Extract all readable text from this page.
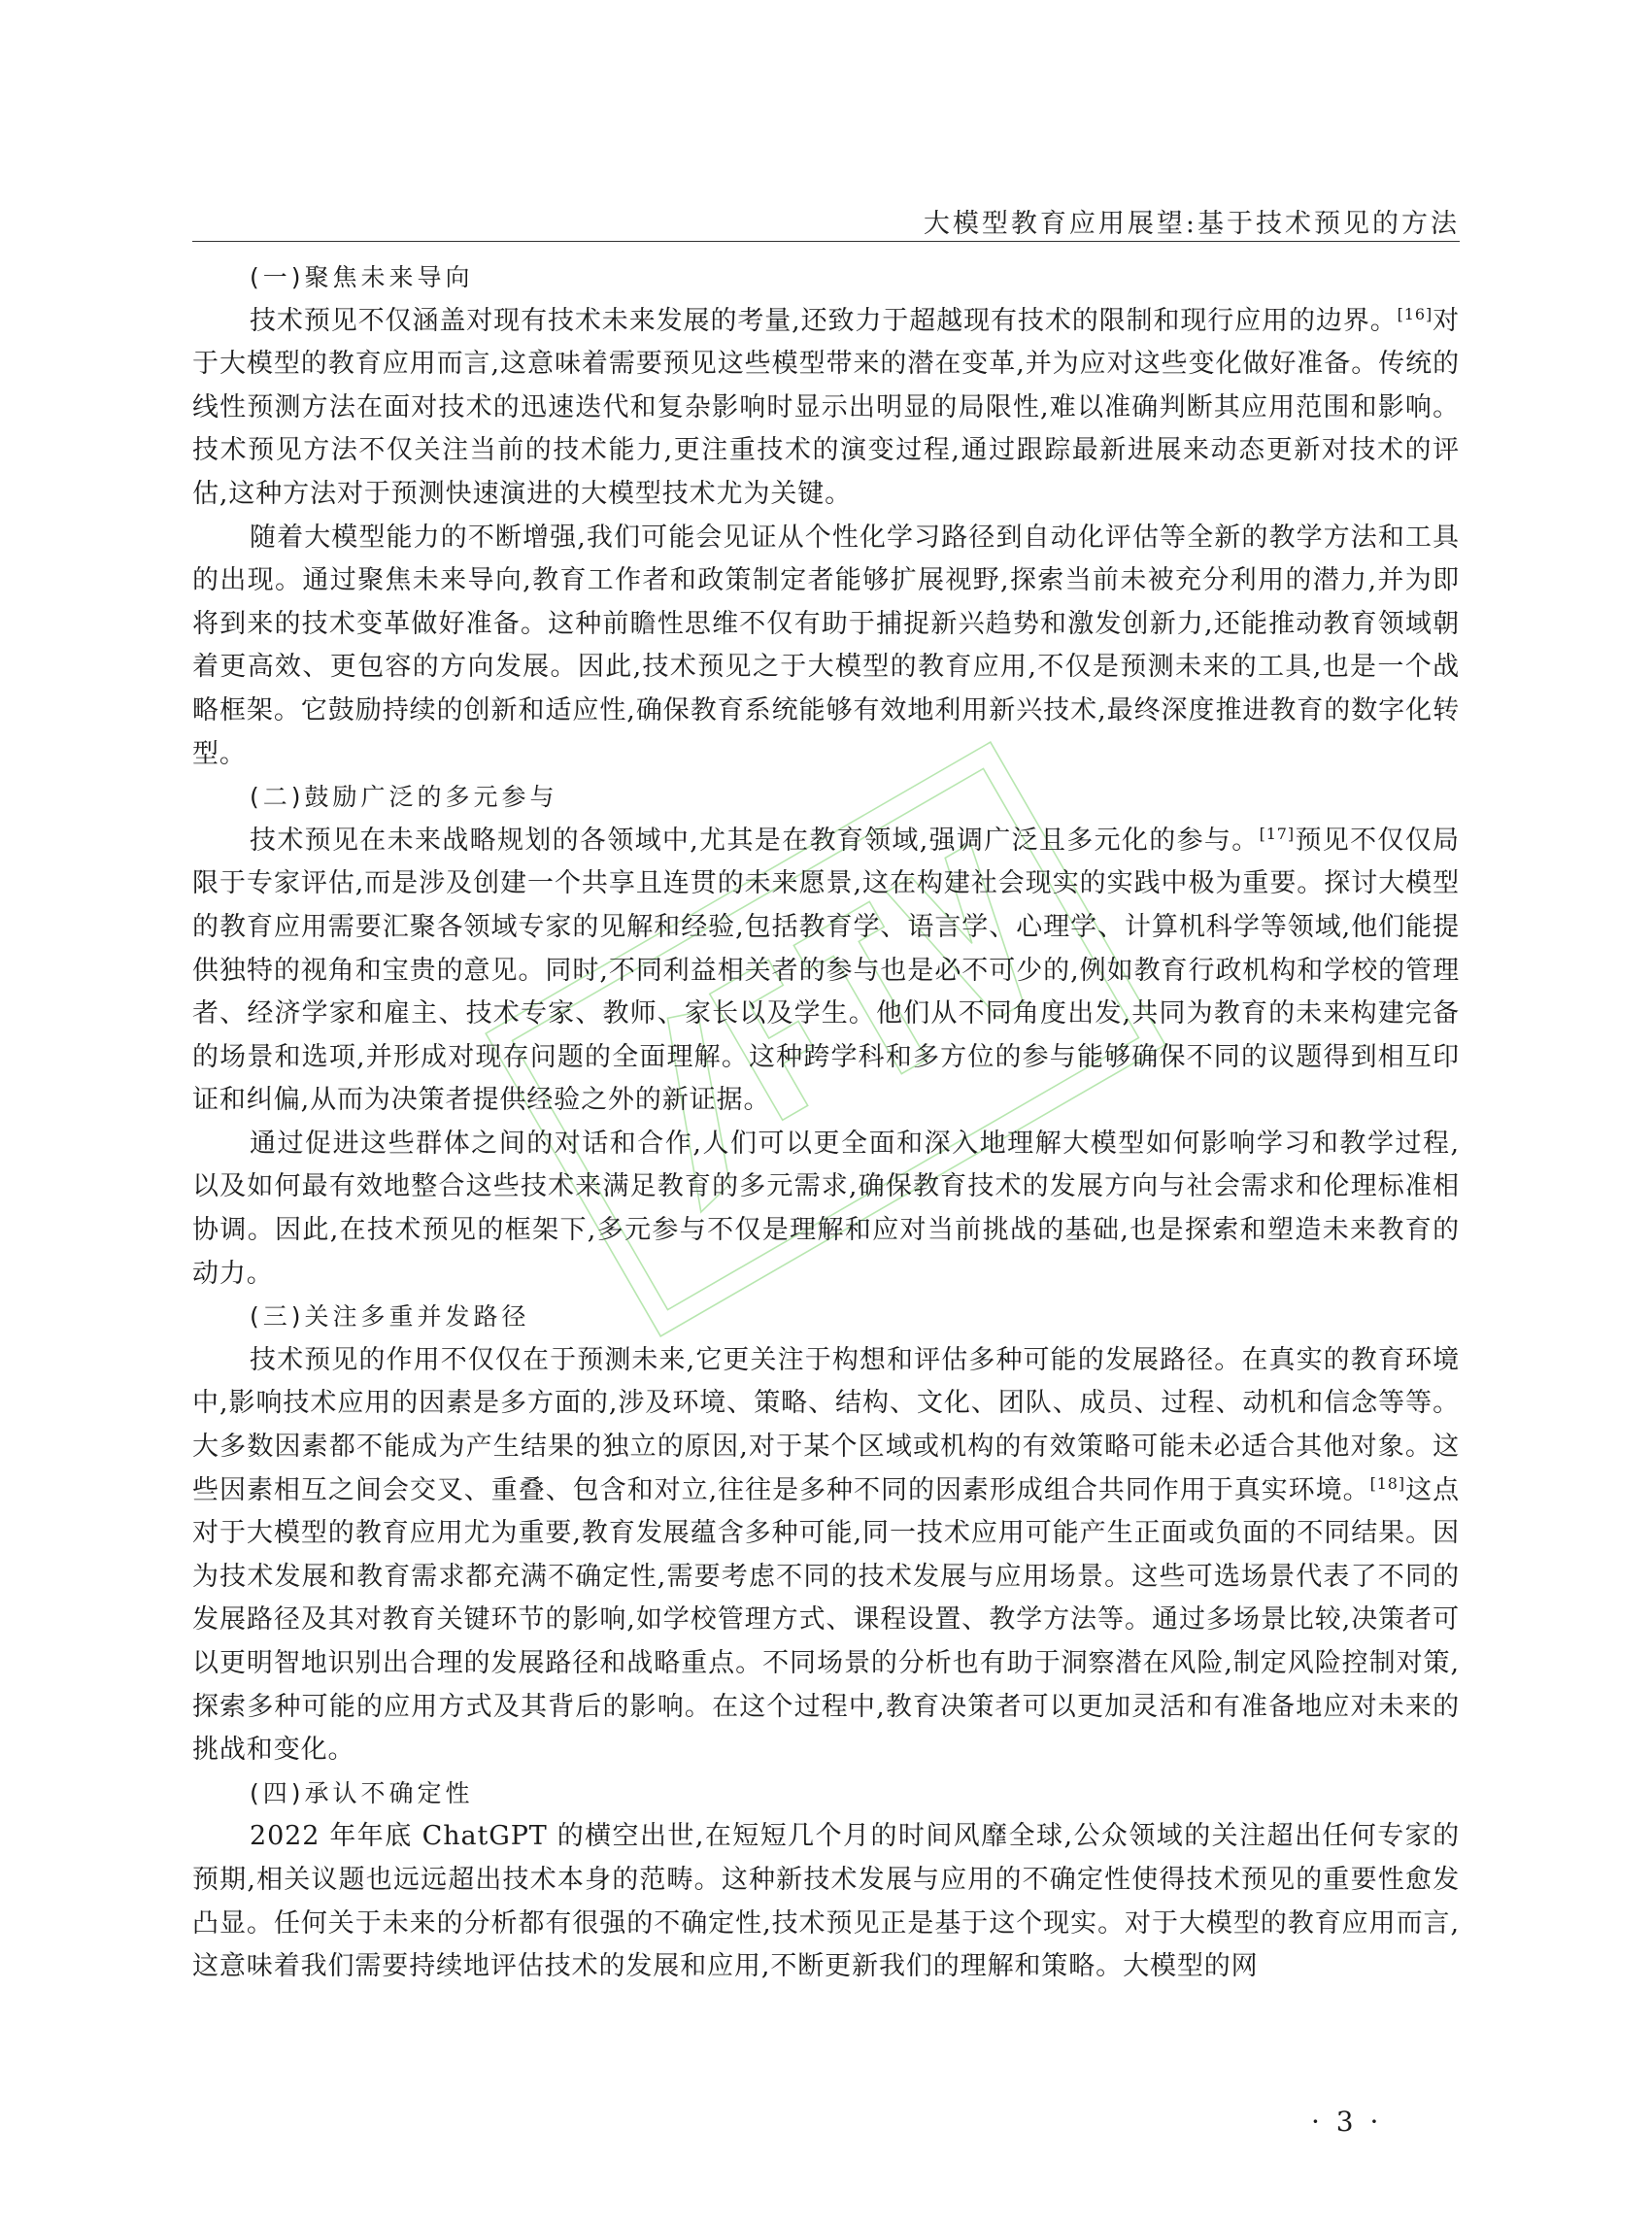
大模型教育应用展望:基于技术预见的方法
(一)聚焦未来导向

技术预见不仅涵盖对现有技术未来发展的考量,还致力于超越现有技术的限制和现行应用的边界。[16]对于大模型的教育应用而言,这意味着需要预见这些模型带来的潜在变革,并为应对这些变化做好准备。传统的线性预测方法在面对技术的迅速迭代和复杂影响时显示出明显的局限性,难以准确判断其应用范围和影响。技术预见方法不仅关注当前的技术能力,更注重技术的演变过程,通过跟踪最新进展来动态更新对技术的评估,这种方法对于预测快速演进的大模型技术尤为关键。

随着大模型能力的不断增强,我们可能会见证从个性化学习路径到自动化评估等全新的教学方法和工具的出现。通过聚焦未来导向,教育工作者和政策制定者能够扩展视野,探索当前未被充分利用的潜力,并为即将到来的技术变革做好准备。这种前瞻性思维不仅有助于捕捉新兴趋势和激发创新力,还能推动教育领域朝着更高效、更包容的方向发展。因此,技术预见之于大模型的教育应用,不仅是预测未来的工具,也是一个战略框架。它鼓励持续的创新和适应性,确保教育系统能够有效地利用新兴技术,最终深度推进教育的数字化转型。

(二)鼓励广泛的多元参与

技术预见在未来战略规划的各领域中,尤其是在教育领域,强调广泛且多元化的参与。[17]预见不仅仅局限于专家评估,而是涉及创建一个共享且连贯的未来愿景,这在构建社会现实的实践中极为重要。探讨大模型的教育应用需要汇聚各领域专家的见解和经验,包括教育学、语言学、心理学、计算机科学等领域,他们能提供独特的视角和宝贵的意见。同时,不同利益相关者的参与也是必不可少的,例如教育行政机构和学校的管理者、经济学家和雇主、技术专家、教师、家长以及学生。他们从不同角度出发,共同为教育的未来构建完备的场景和选项,并形成对现存问题的全面理解。这种跨学科和多方位的参与能够确保不同的议题得到相互印证和纠偏,从而为决策者提供经验之外的新证据。

通过促进这些群体之间的对话和合作,人们可以更全面和深入地理解大模型如何影响学习和教学过程,以及如何最有效地整合这些技术来满足教育的多元需求,确保教育技术的发展方向与社会需求和伦理标准相协调。因此,在技术预见的框架下,多元参与不仅是理解和应对当前挑战的基础,也是探索和塑造未来教育的动力。

(三)关注多重并发路径

技术预见的作用不仅仅在于预测未来,它更关注于构想和评估多种可能的发展路径。在真实的教育环境中,影响技术应用的因素是多方面的,涉及环境、策略、结构、文化、团队、成员、过程、动机和信念等等。大多数因素都不能成为产生结果的独立的原因,对于某个区域或机构的有效策略可能未必适合其他对象。这些因素相互之间会交叉、重叠、包含和对立,往往是多种不同的因素形成组合共同作用于真实环境。[18]这点对于大模型的教育应用尤为重要,教育发展蕴含多种可能,同一技术应用可能产生正面或负面的不同结果。因为技术发展和教育需求都充满不确定性,需要考虑不同的技术发展与应用场景。这些可选场景代表了不同的发展路径及其对教育关键环节的影响,如学校管理方式、课程设置、教学方法等。通过多场景比较,决策者可以更明智地识别出合理的发展路径和战略重点。不同场景的分析也有助于洞察潜在风险,制定风险控制对策,探索多种可能的应用方式及其背后的影响。在这个过程中,教育决策者可以更加灵活和有准备地应对未来的挑战和变化。

(四)承认不确定性

2022 年年底 ChatGPT 的横空出世,在短短几个月的时间风靡全球,公众领域的关注超出任何专家的预期,相关议题也远远超出技术本身的范畴。这种新技术发展与应用的不确定性使得技术预见的重要性愈发凸显。任何关于未来的分析都有很强的不确定性,技术预见正是基于这个现实。对于大模型的教育应用而言,这意味着我们需要持续地评估技术的发展和应用,不断更新我们的理解和策略。大模型的网

· 3 ·
